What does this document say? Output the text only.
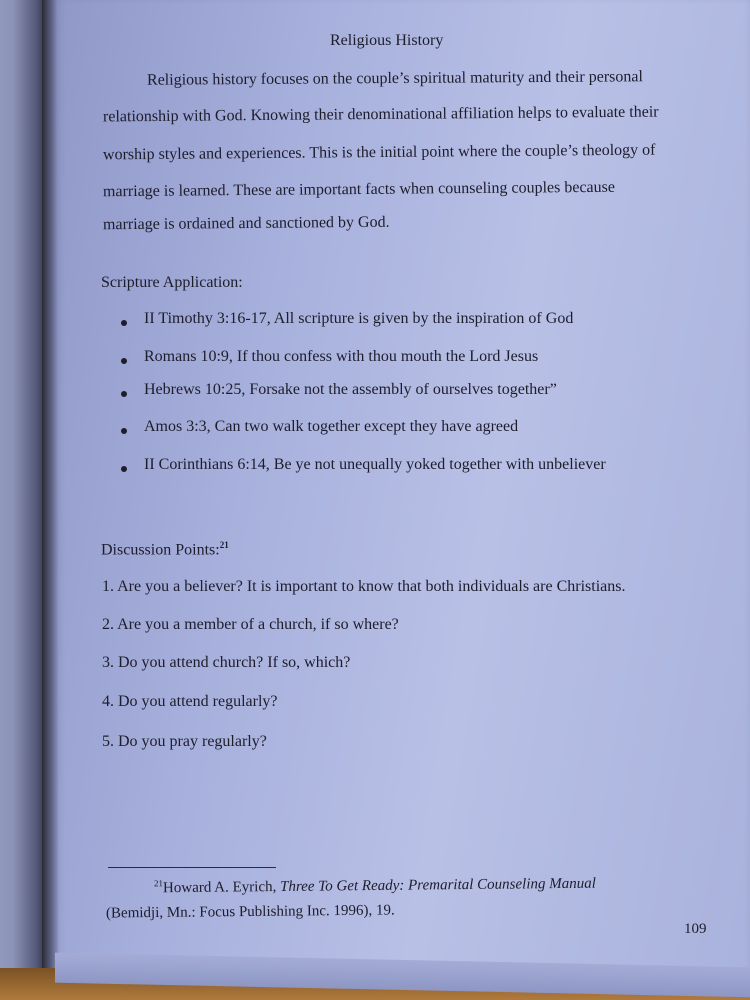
Religious History
Religious history focuses on the couple’s spiritual maturity and their personal
relationship with God. Knowing their denominational affiliation helps to evaluate their
worship styles and experiences. This is the initial point where the couple’s theology of
marriage is learned. These are important facts when counseling couples because
marriage is ordained and sanctioned by God.
Scripture Application:
II Timothy 3:16-17, All scripture is given by the inspiration of God
Romans 10:9, If thou confess with thou mouth the Lord Jesus
Hebrews 10:25, Forsake not the assembly of ourselves together”
Amos 3:3, Can two walk together except they have agreed
II Corinthians 6:14, Be ye not unequally yoked together with unbeliever
Discussion Points:$^{21}$
1. Are you a believer? It is important to know that both individuals are Christians.
2. Are you a member of a church, if so where?
3. Do you attend church? If so, which?
4. Do you attend regularly?
5. Do you pray regularly?
$^{21}$Howard A. Eyrich, Three To Get Ready: Premarital Counseling Manual
(Bemidji, Mn.: Focus Publishing Inc. 1996), 19.
109
